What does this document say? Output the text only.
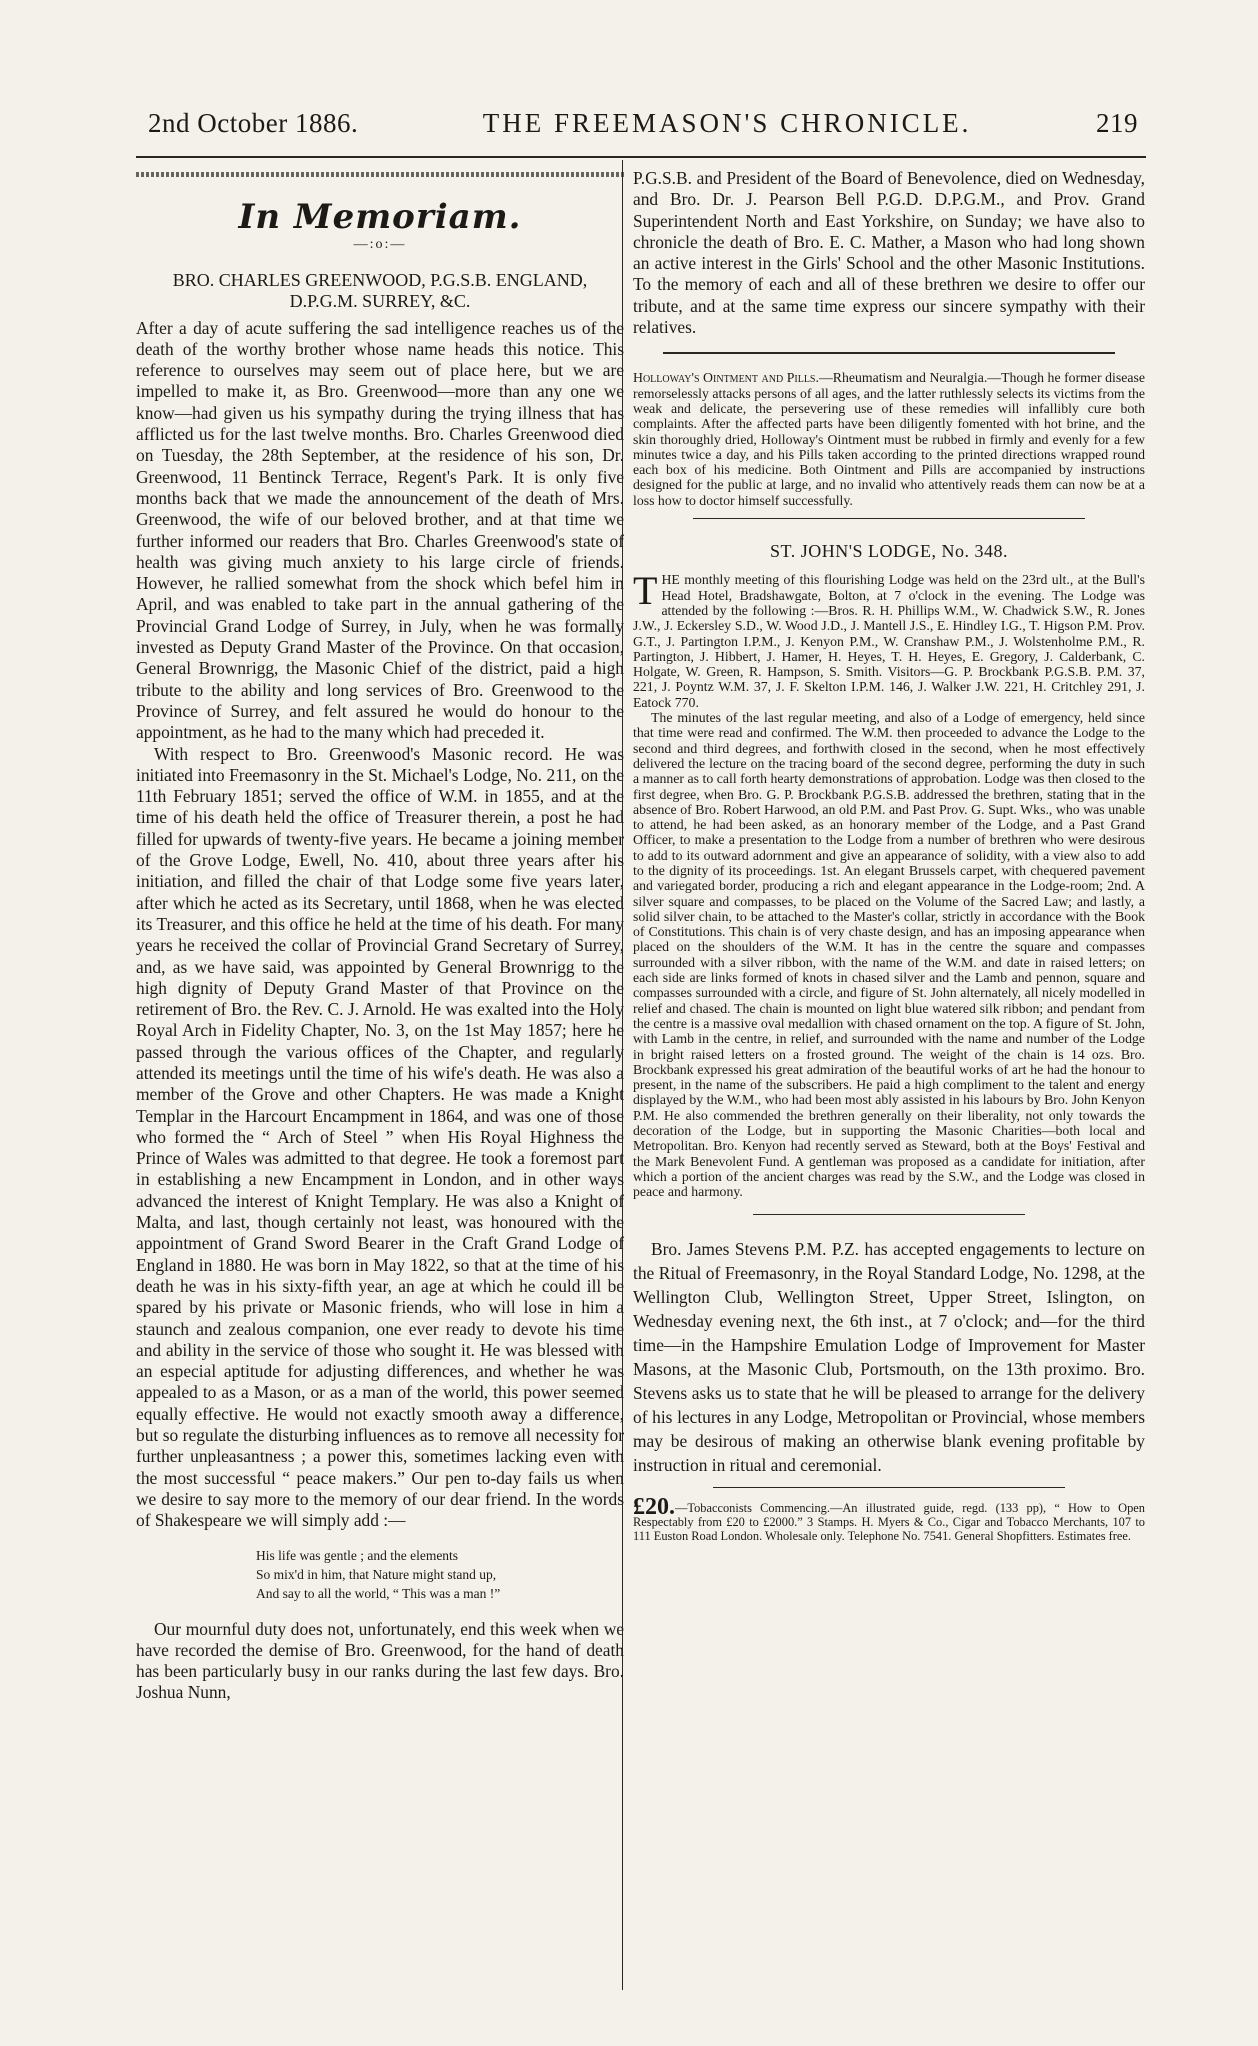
2nd October 1886.	THE FREEMASON'S CHRONICLE.	219
In Memoriam.
—:o:—
BRO. CHARLES GREENWOOD, P.G.S.B. ENGLAND,
D.P.G.M. SURREY, &C.

After a day of acute suffering the sad intelligence reaches us of the death of the worthy brother whose name heads this notice. This reference to ourselves may seem out of place here, but we are impelled to make it, as Bro. Greenwood—more than any one we know—had given us his sympathy during the trying illness that has afflicted us for the last twelve months. Bro. Charles Greenwood died on Tuesday, the 28th September, at the residence of his son, Dr. Greenwood, 11 Bentinck Terrace, Regent's Park. It is only five months back that we made the announcement of the death of Mrs. Greenwood, the wife of our beloved brother, and at that time we further informed our readers that Bro. Charles Greenwood's state of health was giving much anxiety to his large circle of friends. However, he rallied somewhat from the shock which befel him in April, and was enabled to take part in the annual gathering of the Provincial Grand Lodge of Surrey, in July, when he was formally invested as Deputy Grand Master of the Province. On that occasion, General Brownrigg, the Masonic Chief of the district, paid a high tribute to the ability and long services of Bro. Greenwood to the Province of Surrey, and felt assured he would do honour to the appointment, as he had to the many which had preceded it.

With respect to Bro. Greenwood's Masonic record. He was initiated into Freemasonry in the St. Michael's Lodge, No. 211, on the 11th February 1851; served the office of W.M. in 1855, and at the time of his death held the office of Treasurer therein, a post he had filled for upwards of twenty-five years. He became a joining member of the Grove Lodge, Ewell, No. 410, about three years after his initiation, and filled the chair of that Lodge some five years later, after which he acted as its Secretary, until 1868, when he was elected its Treasurer, and this office he held at the time of his death. For many years he received the collar of Provincial Grand Secretary of Surrey, and, as we have said, was appointed by General Brownrigg to the high dignity of Deputy Grand Master of that Province on the retirement of Bro. the Rev. C. J. Arnold. He was exalted into the Holy Royal Arch in Fidelity Chapter, No. 3, on the 1st May 1857; here he passed through the various offices of the Chapter, and regularly attended its meetings until the time of his wife's death. He was also a member of the Grove and other Chapters. He was made a Knight Templar in the Harcourt Encampment in 1864, and was one of those who formed the “ Arch of Steel ” when His Royal Highness the Prince of Wales was admitted to that degree. He took a foremost part in establishing a new Encampment in London, and in other ways advanced the interest of Knight Templary. He was also a Knight of Malta, and last, though certainly not least, was honoured with the appointment of Grand Sword Bearer in the Craft Grand Lodge of England in 1880. He was born in May 1822, so that at the time of his death he was in his sixty-fifth year, an age at which he could ill be spared by his private or Masonic friends, who will lose in him a staunch and zealous companion, one ever ready to devote his time and ability in the service of those who sought it. He was blessed with an especial aptitude for adjusting differences, and whether he was appealed to as a Mason, or as a man of the world, this power seemed equally effective. He would not exactly smooth away a difference, but so regulate the disturbing influences as to remove all necessity for further unpleasantness ; a power this, sometimes lacking even with the most successful “ peace makers.” Our pen to-day fails us when we desire to say more to the memory of our dear friend. In the words of Shakespeare we will simply add :—

His life was gentle ; and the elements
So mix'd in him, that Nature might stand up,
And say to all the world, “ This was a man !”

Our mournful duty does not, unfortunately, end this week when we have recorded the demise of Bro. Greenwood, for the hand of death has been particularly busy in our ranks during the last few days. Bro. Joshua Nunn,

P.G.S.B. and President of the Board of Benevolence, died on Wednesday, and Bro. Dr. J. Pearson Bell P.G.D. D.P.G.M., and Prov. Grand Superintendent North and East Yorkshire, on Sunday; we have also to chronicle the death of Bro. E. C. Mather, a Mason who had long shown an active interest in the Girls' School and the other Masonic Institutions. To the memory of each and all of these brethren we desire to offer our tribute, and at the same time express our sincere sympathy with their relatives.

Holloway's Ointment and Pills.—Rheumatism and Neuralgia.—Though he former disease remorselessly attacks persons of all ages, and the latter ruthlessly selects its victims from the weak and delicate, the persevering use of these remedies will infallibly cure both complaints. After the affected parts have been diligently fomented with hot brine, and the skin thoroughly dried, Holloway's Ointment must be rubbed in firmly and evenly for a few minutes twice a day, and his Pills taken according to the printed directions wrapped round each box of his medicine. Both Ointment and Pills are accompanied by instructions designed for the public at large, and no invalid who attentively reads them can now be at a loss how to doctor himself successfully.

ST. JOHN'S LODGE, No. 348.

THE monthly meeting of this flourishing Lodge was held on the 23rd ult., at the Bull's Head Hotel, Bradshawgate, Bolton, at 7 o'clock in the evening. The Lodge was attended by the following :—Bros. R. H. Phillips W.M., W. Chadwick S.W., R. Jones J.W., J. Eckersley S.D., W. Wood J.D., J. Mantell J.S., E. Hindley I.G., T. Higson P.M. Prov. G.T., J. Partington I.P.M., J. Kenyon P.M., W. Cranshaw P.M., J. Wolstenholme P.M., R. Partington, J. Hibbert, J. Hamer, H. Heyes, T. H. Heyes, E. Gregory, J. Calderbank, C. Holgate, W. Green, R. Hampson, S. Smith. Visitors—G. P. Brockbank P.G.S.B. P.M. 37, 221, J. Poyntz W.M. 37, J. F. Skelton I.P.M. 146, J. Walker J.W. 221, H. Critchley 291, J. Eatock 770.

The minutes of the last regular meeting, and also of a Lodge of emergency, held since that time were read and confirmed. The W.M. then proceeded to advance the Lodge to the second and third degrees, and forthwith closed in the second, when he most effectively delivered the lecture on the tracing board of the second degree, performing the duty in such a manner as to call forth hearty demonstrations of approbation. Lodge was then closed to the first degree, when Bro. G. P. Brockbank P.G.S.B. addressed the brethren, stating that in the absence of Bro. Robert Harwood, an old P.M. and Past Prov. G. Supt. Wks., who was unable to attend, he had been asked, as an honorary member of the Lodge, and a Past Grand Officer, to make a presentation to the Lodge from a number of brethren who were desirous to add to its outward adornment and give an appearance of solidity, with a view also to add to the dignity of its proceedings. 1st. An elegant Brussels carpet, with chequered pavement and variegated border, producing a rich and elegant appearance in the Lodge-room; 2nd. A silver square and compasses, to be placed on the Volume of the Sacred Law; and lastly, a solid silver chain, to be attached to the Master's collar, strictly in accordance with the Book of Constitutions. This chain is of very chaste design, and has an imposing appearance when placed on the shoulders of the W.M. It has in the centre the square and compasses surrounded with a silver ribbon, with the name of the W.M. and date in raised letters; on each side are links formed of knots in chased silver and the Lamb and pennon, square and compasses surrounded with a circle, and figure of St. John alternately, all nicely modelled in relief and chased. The chain is mounted on light blue watered silk ribbon; and pendant from the centre is a massive oval medallion with chased ornament on the top. A figure of St. John, with Lamb in the centre, in relief, and surrounded with the name and number of the Lodge in bright raised letters on a frosted ground. The weight of the chain is 14 ozs. Bro. Brockbank expressed his great admiration of the beautiful works of art he had the honour to present, in the name of the subscribers. He paid a high compliment to the talent and energy displayed by the W.M., who had been most ably assisted in his labours by Bro. John Kenyon P.M. He also commended the brethren generally on their liberality, not only towards the decoration of the Lodge, but in supporting the Masonic Charities—both local and Metropolitan. Bro. Kenyon had recently served as Steward, both at the Boys' Festival and the Mark Benevolent Fund. A gentleman was proposed as a candidate for initiation, after which a portion of the ancient charges was read by the S.W., and the Lodge was closed in peace and harmony.

Bro. James Stevens P.M. P.Z. has accepted engagements to lecture on the Ritual of Freemasonry, in the Royal Standard Lodge, No. 1298, at the Wellington Club, Wellington Street, Upper Street, Islington, on Wednesday evening next, the 6th inst., at 7 o'clock; and—for the third time—in the Hampshire Emulation Lodge of Improvement for Master Masons, at the Masonic Club, Portsmouth, on the 13th proximo. Bro. Stevens asks us to state that he will be pleased to arrange for the delivery of his lectures in any Lodge, Metropolitan or Provincial, whose members may be desirous of making an otherwise blank evening profitable by instruction in ritual and ceremonial.

£20.—Tobacconists Commencing.—An illustrated guide, regd. (133 pp), “ How to Open Respectably from £20 to £2000.” 3 Stamps. H. Myers & Co., Cigar and Tobacco Merchants, 107 to 111 Euston Road London. Wholesale only. Telephone No. 7541. General Shopfitters. Estimates free.
